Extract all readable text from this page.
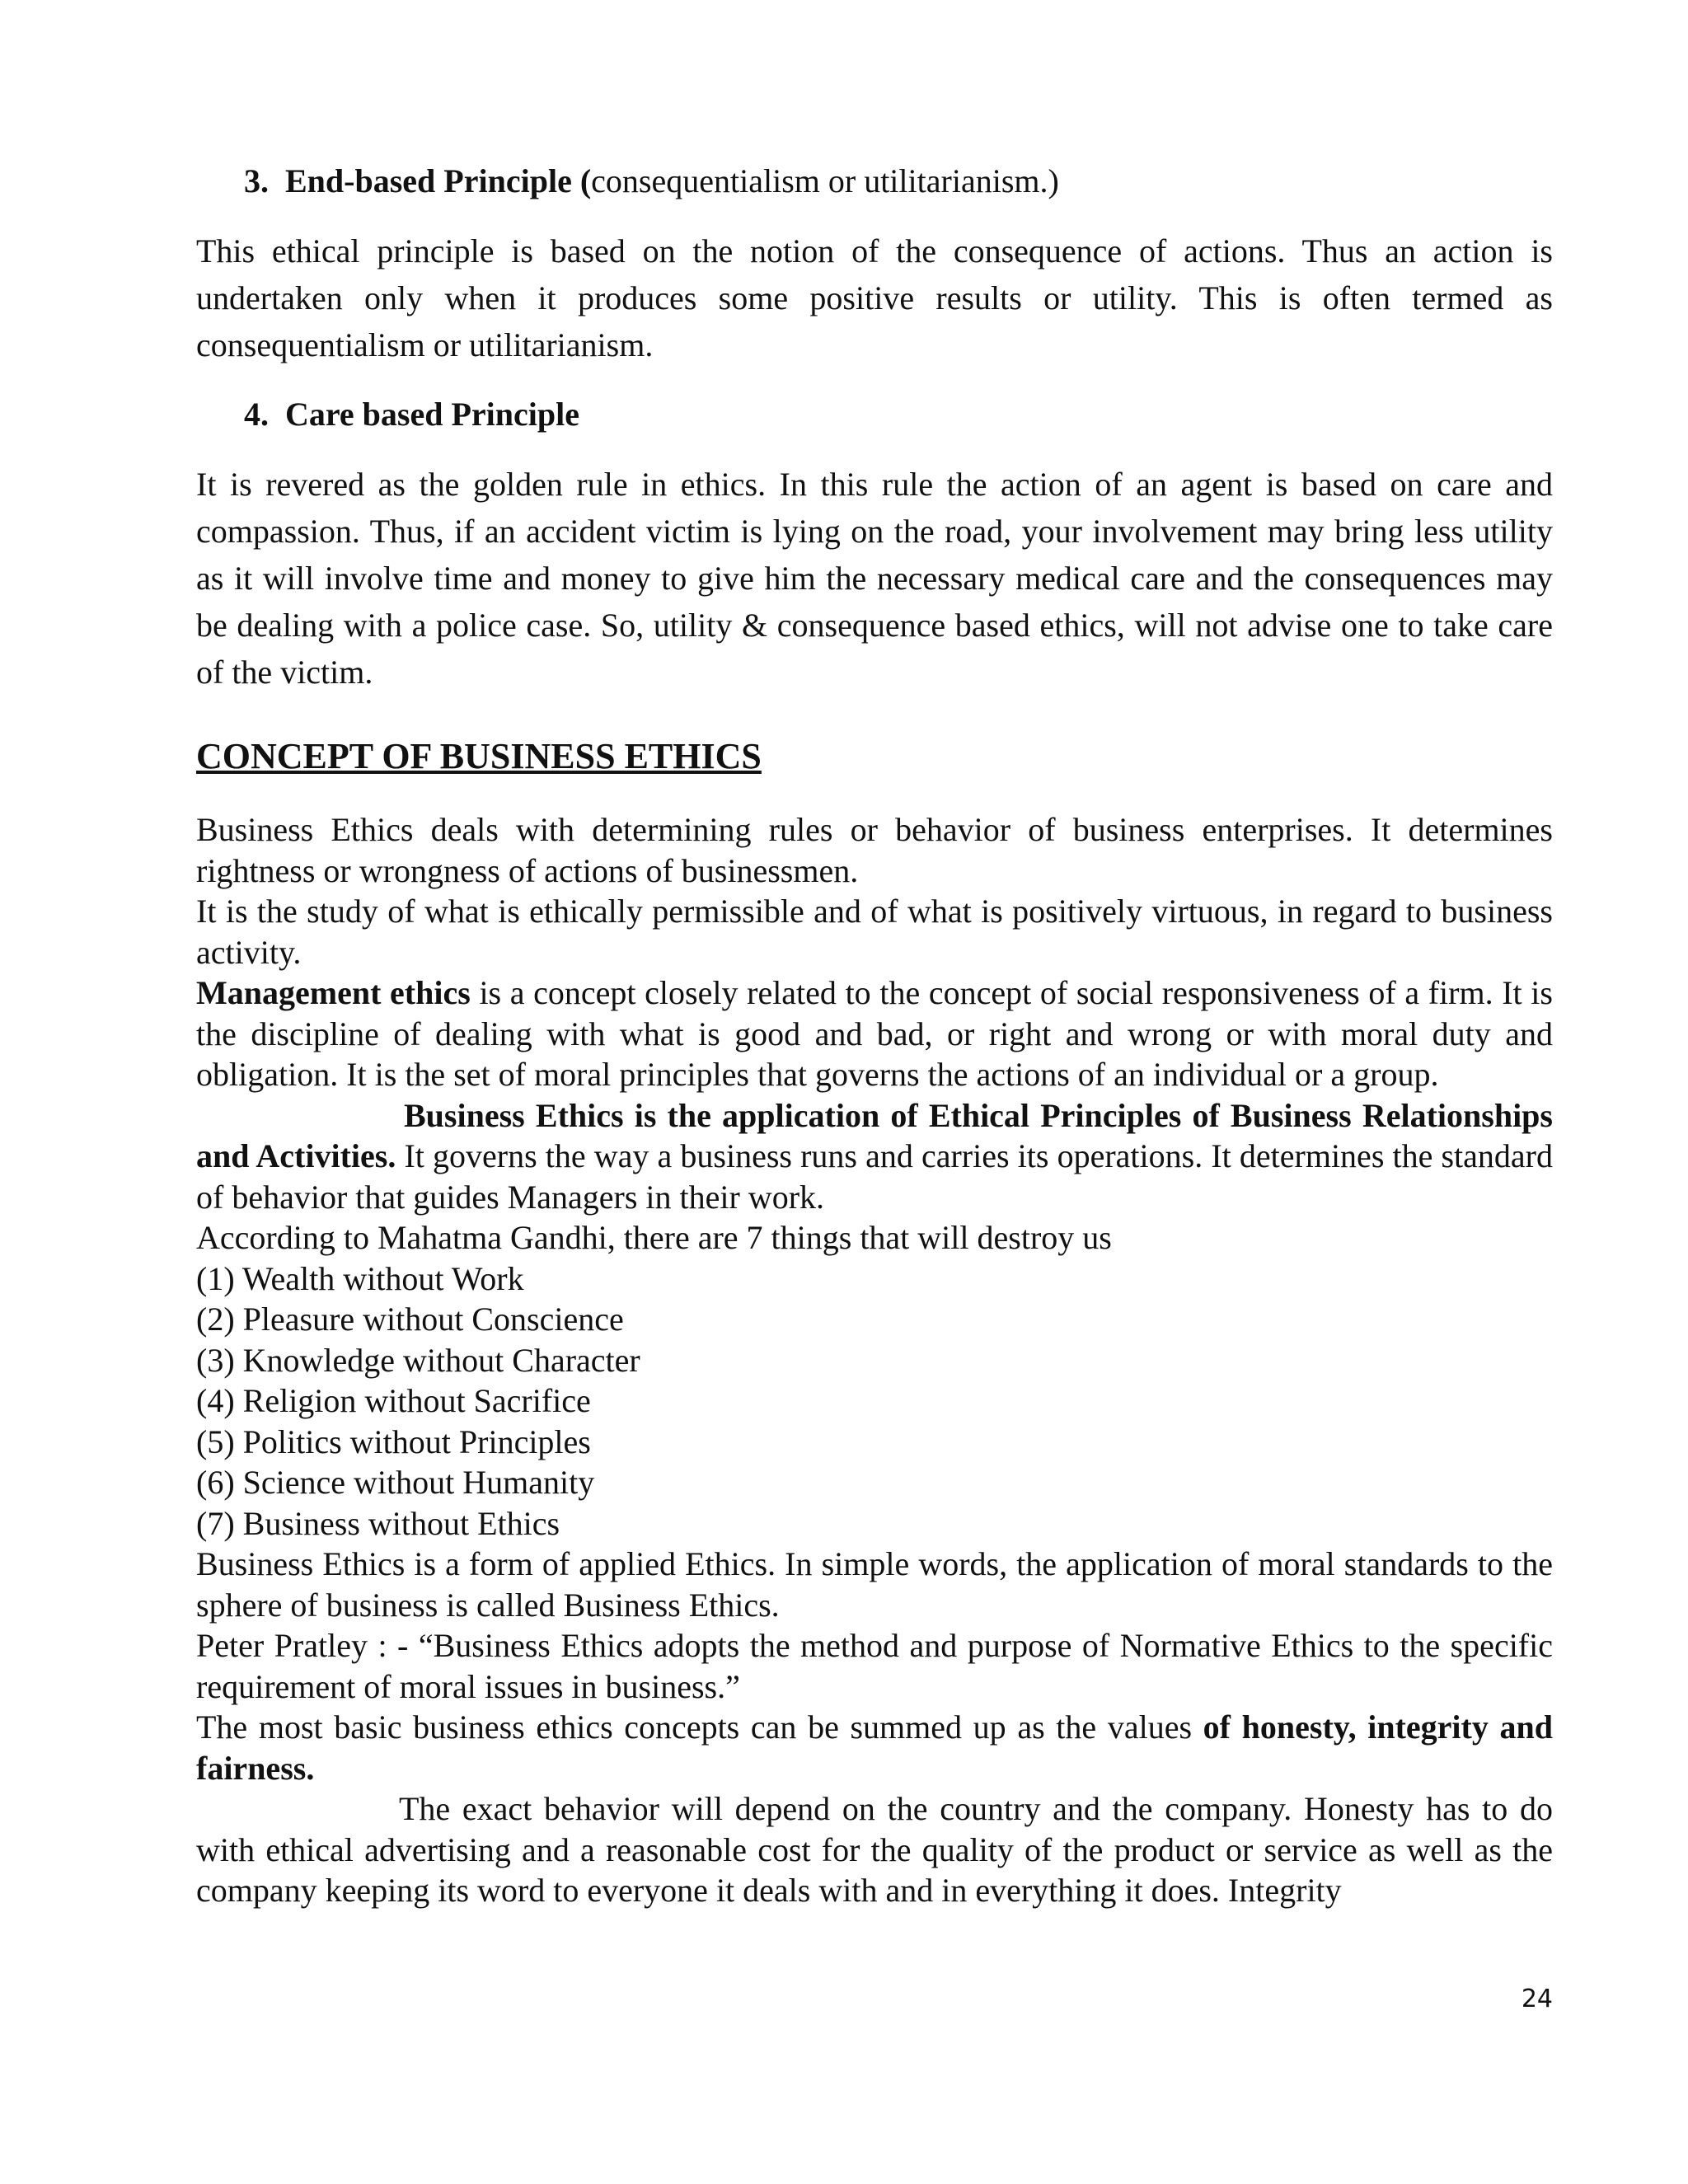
3. End-based Principle (consequentialism or utilitarianism.)

This ethical principle is based on the notion of the consequence of actions. Thus an action is undertaken only when it produces some positive results or utility. This is often termed as consequentialism or utilitarianism.

4. Care based Principle

It is revered as the golden rule in ethics. In this rule the action of an agent is based on care and compassion. Thus, if an accident victim is lying on the road, your involvement may bring less utility as it will involve time and money to give him the necessary medical care and the consequences may be dealing with a police case. So, utility & consequence based ethics, will not advise one to take care of the victim.

CONCEPT OF BUSINESS ETHICS

Business Ethics deals with determining rules or behavior of business enterprises. It determines rightness or wrongness of actions of businessmen.

It is the study of what is ethically permissible and of what is positively virtuous, in regard to business activity.

Management ethics is a concept closely related to the concept of social responsiveness of a firm. It is the discipline of dealing with what is good and bad, or right and wrong or with moral duty and obligation. It is the set of moral principles that governs the actions of an individual or a group.

Business Ethics is the application of Ethical Principles of Business Relationships and Activities. It governs the way a business runs and carries its operations. It determines the standard of behavior that guides Managers in their work.

According to Mahatma Gandhi, there are 7 things that will destroy us

(1) Wealth without Work

(2) Pleasure without Conscience

(3) Knowledge without Character

(4) Religion without Sacrifice

(5) Politics without Principles

(6) Science without Humanity

(7) Business without Ethics

Business Ethics is a form of applied Ethics. In simple words, the application of moral standards to the sphere of business is called Business Ethics.

Peter Pratley : - “Business Ethics adopts the method and purpose of Normative Ethics to the specific requirement of moral issues in business.”

The most basic business ethics concepts can be summed up as the values of honesty, integrity and fairness.

The exact behavior will depend on the country and the company. Honesty has to do with ethical advertising and a reasonable cost for the quality of the product or service as well as the company keeping its word to everyone it deals with and in everything it does. Integrity

24
